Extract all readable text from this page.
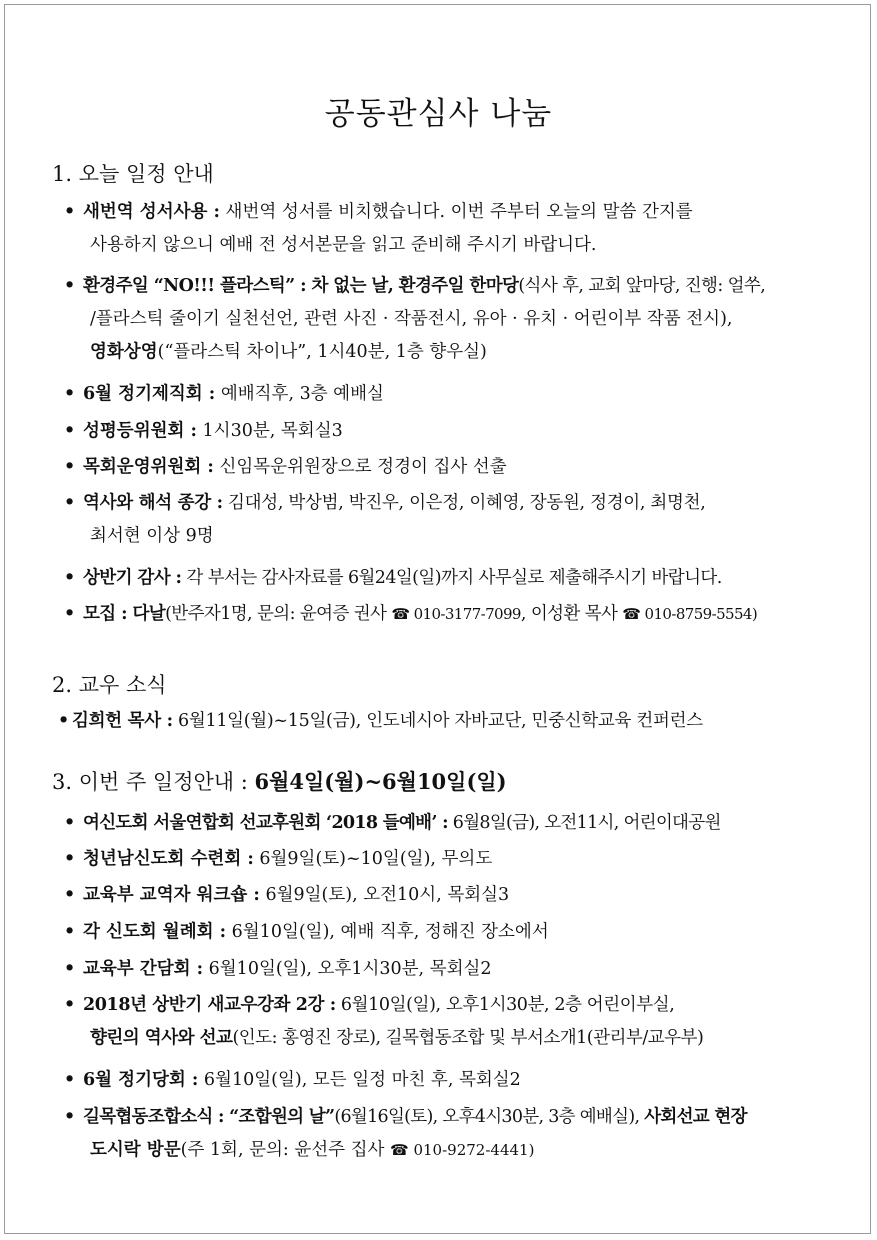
공동관심사 나눔
1. 오늘 일정 안내
• 새번역 성서사용 : 새번역 성서를 비치했습니다. 이번 주부터 오늘의 말씀 간지를
사용하지 않으니 예배 전 성서본문을 읽고 준비해 주시기 바랍니다.
• 환경주일 “NO!!! 플라스틱” : 차 없는 날, 환경주일 한마당(식사 후, 교회 앞마당, 진행: 얼쑤,
/플라스틱 줄이기 실천선언, 관련 사진 · 작품전시, 유아 · 유치 · 어린이부 작품 전시),
영화상영(“플라스틱 차이나”, 1시40분, 1층 향우실)
• 6월 정기제직회 : 예배직후, 3층 예배실
• 성평등위원회 : 1시30분, 목회실3
• 목회운영위원회 : 신임목운위원장으로 정경이 집사 선출
• 역사와 해석 종강 : 김대성, 박상범, 박진우, 이은정, 이혜영, 장동원, 정경이, 최명천,
최서현 이상 9명
• 상반기 감사 : 각 부서는 감사자료를 6월24일(일)까지 사무실로 제출해주시기 바랍니다.
• 모집 : 다날(반주자1명, 문의: 윤여증 권사 ☎ 010-3177-7099, 이성환 목사 ☎ 010-8759-5554)
2. 교우 소식
• 김희헌 목사 : 6월11일(월)~15일(금), 인도네시아 자바교단, 민중신학교육 컨퍼런스
3. 이번 주 일정안내 : 6월4일(월)~6월10일(일)
• 여신도회 서울연합회 선교후원회 ‘2018 들예배’ : 6월8일(금), 오전11시, 어린이대공원
• 청년남신도회 수련회 : 6월9일(토)~10일(일), 무의도
• 교육부 교역자 워크숍 : 6월9일(토), 오전10시, 목회실3
• 각 신도회 월례회 : 6월10일(일), 예배 직후, 정해진 장소에서
• 교육부 간담회 : 6월10일(일), 오후1시30분, 목회실2
• 2018년 상반기 새교우강좌 2강 : 6월10일(일), 오후1시30분, 2층 어린이부실,
향린의 역사와 선교(인도: 홍영진 장로), 길목협동조합 및 부서소개1(관리부/교우부)
• 6월 정기당회 : 6월10일(일), 모든 일정 마친 후, 목회실2
• 길목협동조합소식 : “조합원의 날”(6월16일(토), 오후4시30분, 3층 예배실), 사회선교 현장
도시락 방문(주 1회, 문의: 윤선주 집사 ☎ 010-9272-4441)
